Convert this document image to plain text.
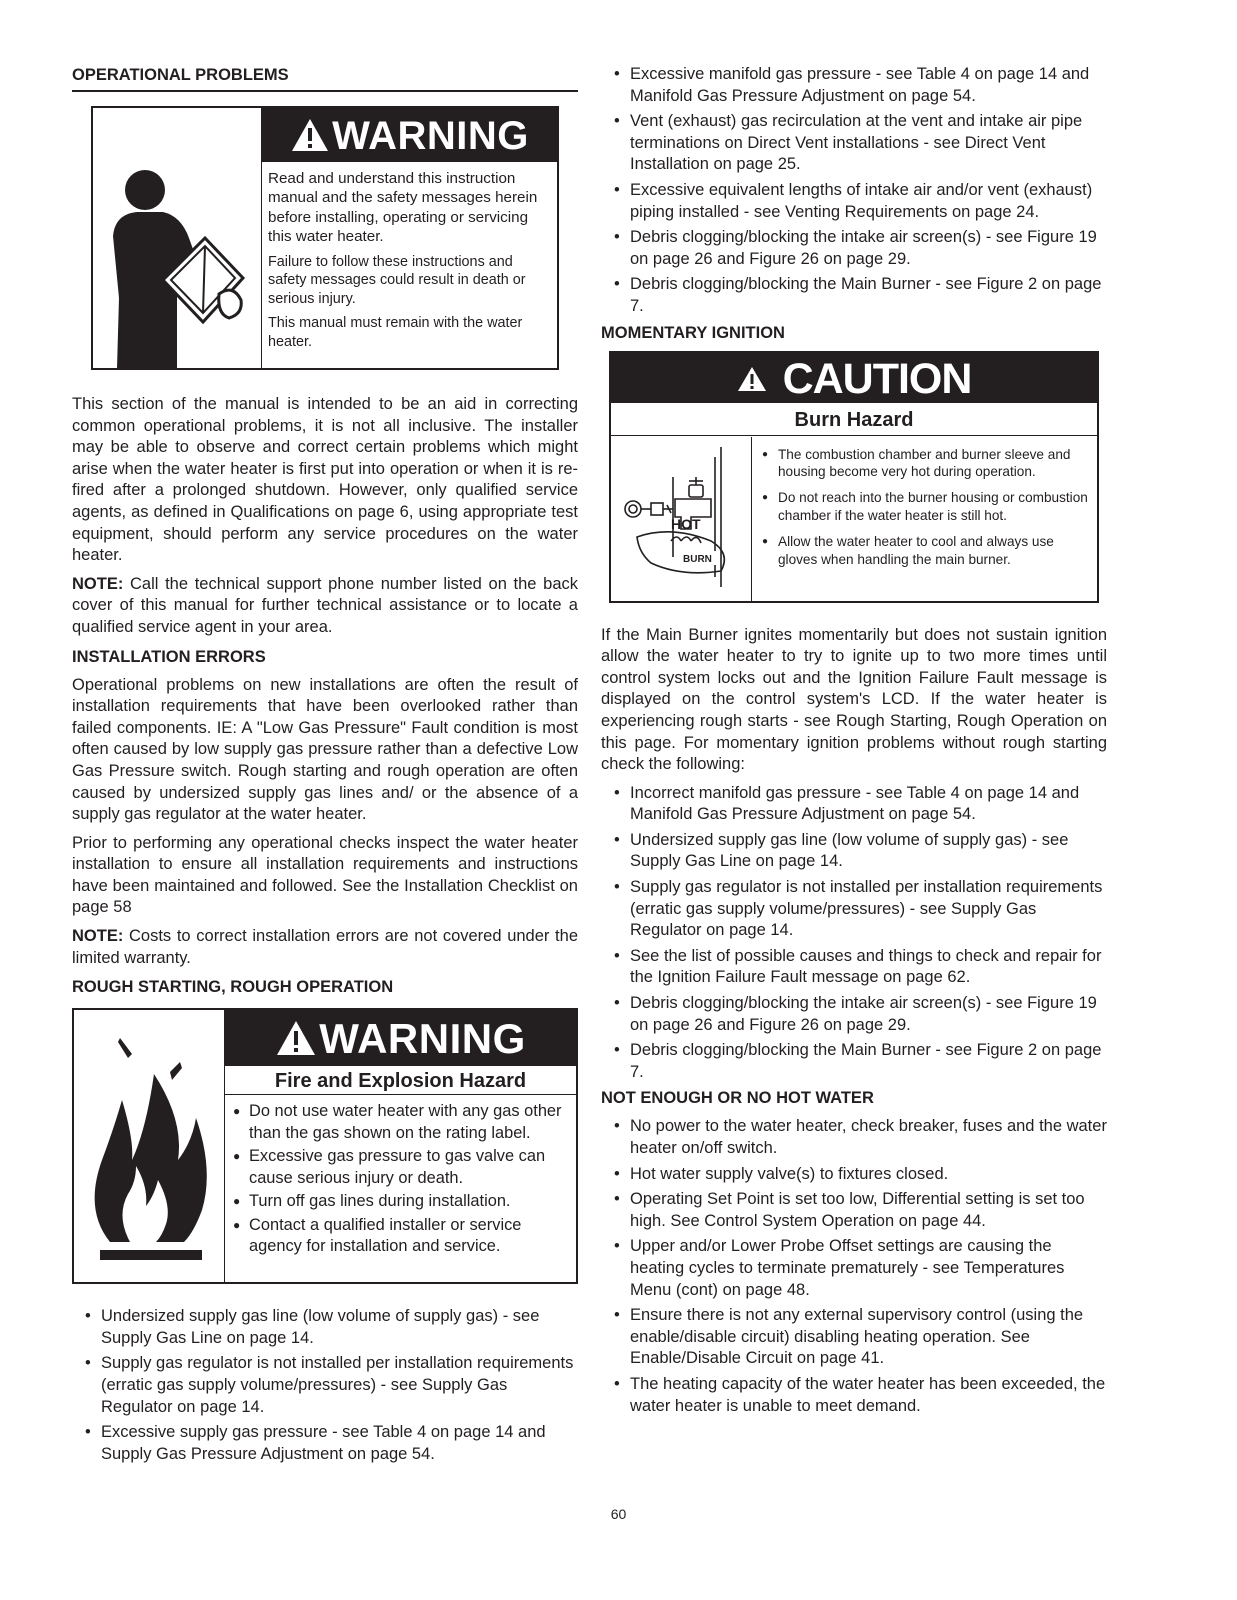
OPERATIONAL PROBLEMS
WARNING

Read and understand this instruction manual and the safety messages herein before installing, operating or servicing this water heater.

Failure to follow these instructions and safety messages could result in death or serious injury.

This manual must remain with the water heater.

This section of the manual is intended to be an aid in correcting common operational problems, it is not all inclusive. The installer may be able to observe and correct certain problems which might arise when the water heater is first put into operation or when it is re-fired after a prolonged shutdown. However, only qualified service agents, as defined in Qualifications on page 6, using appropriate test equipment, should perform any service procedures on the water heater.

NOTE: Call the technical support phone number listed on the back cover of this manual for further technical assistance or to locate a qualified service agent in your area.

INSTALLATION ERRORS

Operational problems on new installations are often the result of installation requirements that have been overlooked rather than failed components. IE: A "Low Gas Pressure" Fault condition is most often caused by low supply gas pressure rather than a defective Low Gas Pressure switch. Rough starting and rough operation are often caused by undersized supply gas lines and/ or the absence of a supply gas regulator at the water heater.

Prior to performing any operational checks inspect the water heater installation to ensure all installation requirements and instructions have been maintained and followed. See the Installation Checklist on page 58

NOTE: Costs to correct installation errors are not covered under the limited warranty.

ROUGH STARTING, ROUGH OPERATION
WARNING
Fire and Explosion Hazard
● Do not use water heater with any gas other than the gas shown on the rating label.
● Excessive gas pressure to gas valve can cause serious injury or death.
● Turn off gas lines during installation.
● Contact a qualified installer or service agency for installation and service.
• Undersized supply gas line (low volume of supply gas) - see Supply Gas Line on page 14.
• Supply gas regulator is not installed per installation requirements (erratic gas supply volume/pressures) - see Supply Gas Regulator on page 14.
• Excessive supply gas pressure - see Table 4 on page 14 and Supply Gas Pressure Adjustment on page 54.
• Excessive manifold gas pressure - see Table 4 on page 14 and Manifold Gas Pressure Adjustment on page 54.
• Vent (exhaust) gas recirculation at the vent and intake air pipe terminations on Direct Vent installations - see Direct Vent Installation on page 25.
• Excessive equivalent lengths of intake air and/or vent (exhaust) piping installed - see Venting Requirements on page 24.
• Debris clogging/blocking the intake air screen(s) - see Figure 19 on page 26 and Figure 26 on page 29.
• Debris clogging/blocking the Main Burner - see Figure 2 on page 7.
MOMENTARY IGNITION
CAUTION
Burn Hazard
HOT
BURN
● The combustion chamber and burner sleeve and housing become very hot during operation.
● Do not reach into the burner housing or combustion chamber if the water heater is still hot.
● Allow the water heater to cool and always use gloves when handling the main burner.

If the Main Burner ignites momentarily but does not sustain ignition allow the water heater to try to ignite up to two more times until control system locks out and the Ignition Failure Fault message is displayed on the control system's LCD. If the water heater is experiencing rough starts - see Rough Starting, Rough Operation on this page. For momentary ignition problems without rough starting check the following:

• Incorrect manifold gas pressure - see Table 4 on page 14 and Manifold Gas Pressure Adjustment on page 54.
• Undersized supply gas line (low volume of supply gas) - see Supply Gas Line on page 14.
• Supply gas regulator is not installed per installation requirements (erratic gas supply volume/pressures) - see Supply Gas Regulator on page 14.
• See the list of possible causes and things to check and repair for the Ignition Failure Fault message on page 62.
• Debris clogging/blocking the intake air screen(s) - see Figure 19 on page 26 and Figure 26 on page 29.
• Debris clogging/blocking the Main Burner - see Figure 2 on page 7.
NOT ENOUGH OR NO HOT WATER
• No power to the water heater, check breaker, fuses and the water heater on/off switch.
• Hot water supply valve(s) to fixtures closed.
• Operating Set Point is set too low, Differential setting is set too high. See Control System Operation on page 44.
• Upper and/or Lower Probe Offset settings are causing the heating cycles to terminate prematurely - see Temperatures Menu (cont) on page 48.
• Ensure there is not any external supervisory control (using the enable/disable circuit) disabling heating operation. See Enable/Disable Circuit on page 41.
• The heating capacity of the water heater has been exceeded, the water heater is unable to meet demand.
60
